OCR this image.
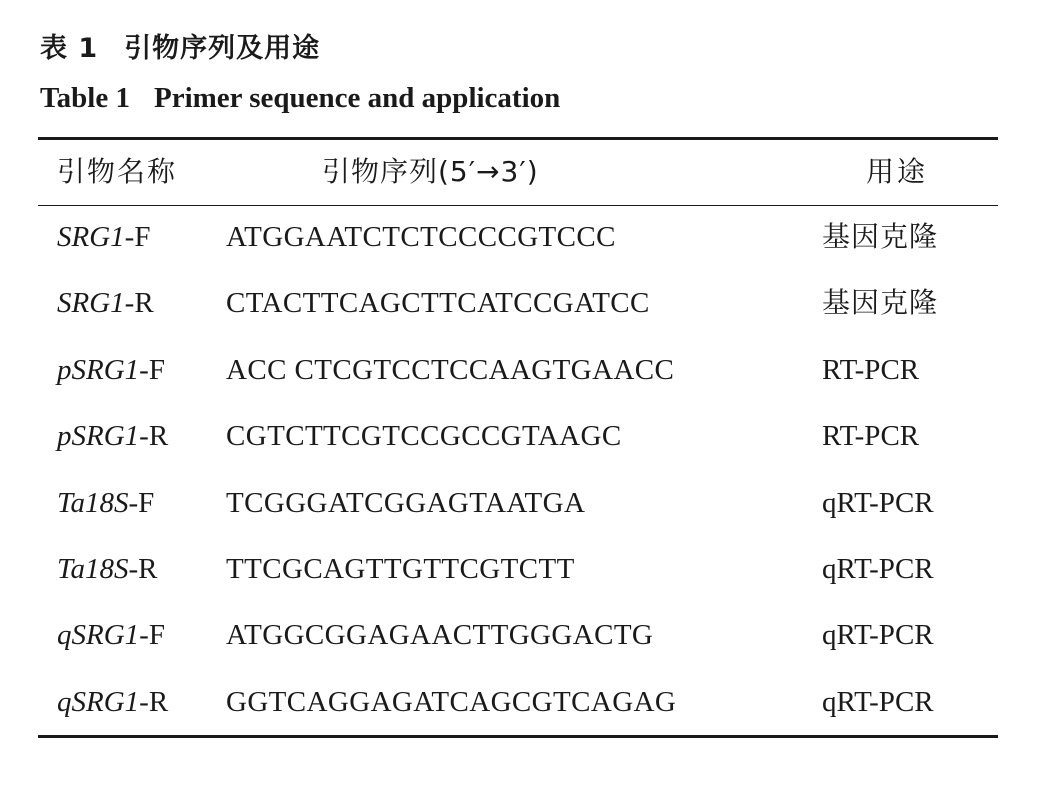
表 1 引物序列及用途
Table 1 Primer sequence and application
引物名称	引物序列(5′→3′)	用途
SRG1-F	ATGGAATCTCTCCCCGTCCC	基因克隆
SRG1-R CTACTTCAGCTTCATCCGATCC	基因克隆
pSRG1-F ACC CTCGTCCTCCAAGTGAACC	RT-PCR
pSRG1-R CGTCTTCGTCCGCCGTAAGC	RT-PCR
Ta18S-F TCGGGATCGGAGTAATGA	qRT-PCR
Ta18S-R TTCGCAGTTGTTCGTCTT	qRT-PCR
qSRG1-F ATGGCGGAGAACTTGGGACTG	qRT-PCR
qSRG1-R GGTCAGGAGATCAGCGTCAGAG	qRT-PCR
